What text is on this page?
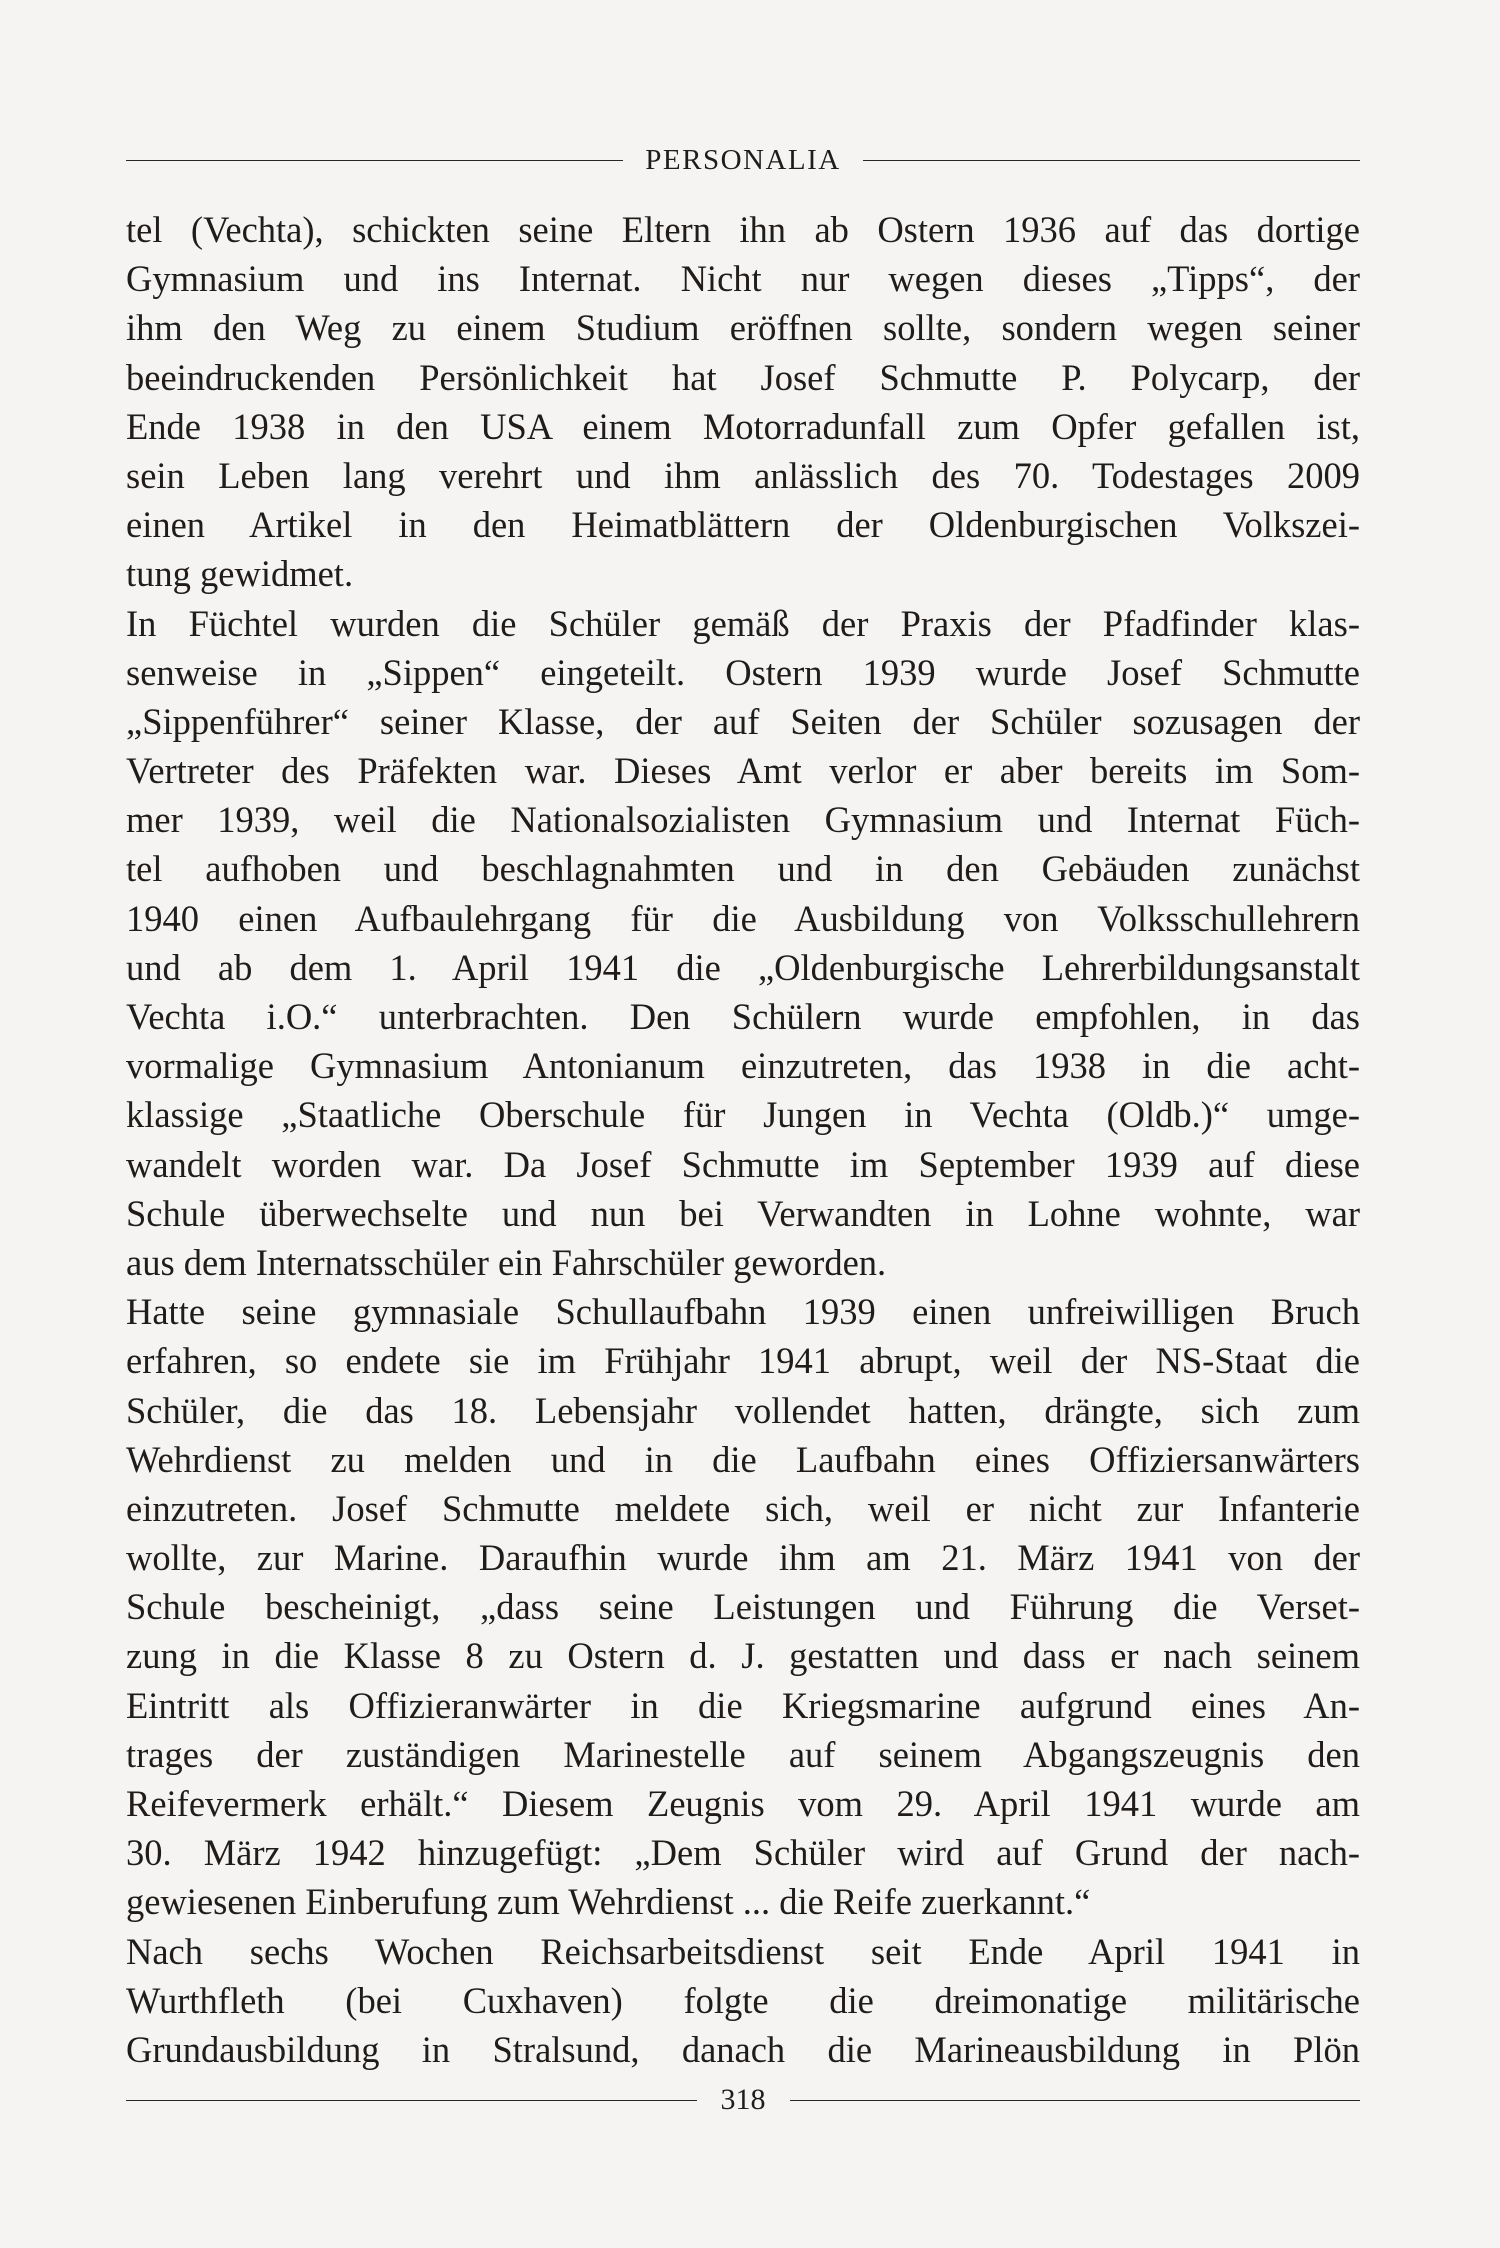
PERSONALIA
tel (Vechta), schickten seine Eltern ihn ab Ostern 1936 auf das dortige
Gymnasium und ins Internat. Nicht nur wegen dieses „Tipps“, der
ihm den Weg zu einem Studium eröffnen sollte, sondern wegen seiner
beeindruckenden Persönlichkeit hat Josef Schmutte P. Polycarp, der
Ende 1938 in den USA einem Motorradunfall zum Opfer gefallen ist,
sein Leben lang verehrt und ihm anlässlich des 70. Todestages 2009
einen Artikel in den Heimatblättern der Oldenburgischen Volkszei-
tung gewidmet.
In Füchtel wurden die Schüler gemäß der Praxis der Pfadfinder klas-
senweise in „Sippen“ eingeteilt. Ostern 1939 wurde Josef Schmutte
„Sippenführer“ seiner Klasse, der auf Seiten der Schüler sozusagen der
Vertreter des Präfekten war. Dieses Amt verlor er aber bereits im Som-
mer 1939, weil die Nationalsozialisten Gymnasium und Internat Füch-
tel aufhoben und beschlagnahmten und in den Gebäuden zunächst
1940 einen Aufbaulehrgang für die Ausbildung von Volksschullehrern
und ab dem 1. April 1941 die „Oldenburgische Lehrerbildungsanstalt
Vechta i.O.“ unterbrachten. Den Schülern wurde empfohlen, in das
vormalige Gymnasium Antonianum einzutreten, das 1938 in die acht-
klassige „Staatliche Oberschule für Jungen in Vechta (Oldb.)“ umge-
wandelt worden war. Da Josef Schmutte im September 1939 auf diese
Schule überwechselte und nun bei Verwandten in Lohne wohnte, war
aus dem Internatsschüler ein Fahrschüler geworden.
Hatte seine gymnasiale Schullaufbahn 1939 einen unfreiwilligen Bruch
erfahren, so endete sie im Frühjahr 1941 abrupt, weil der NS-Staat die
Schüler, die das 18. Lebensjahr vollendet hatten, drängte, sich zum
Wehrdienst zu melden und in die Laufbahn eines Offiziersanwärters
einzutreten. Josef Schmutte meldete sich, weil er nicht zur Infanterie
wollte, zur Marine. Daraufhin wurde ihm am 21. März 1941 von der
Schule bescheinigt, „dass seine Leistungen und Führung die Verset-
zung in die Klasse 8 zu Ostern d. J. gestatten und dass er nach seinem
Eintritt als Offizieranwärter in die Kriegsmarine aufgrund eines An-
trages der zuständigen Marinestelle auf seinem Abgangszeugnis den
Reifevermerk erhält.“ Diesem Zeugnis vom 29. April 1941 wurde am
30. März 1942 hinzugefügt: „Dem Schüler wird auf Grund der nach-
gewiesenen Einberufung zum Wehrdienst ... die Reife zuerkannt.“
Nach sechs Wochen Reichsarbeitsdienst seit Ende April 1941 in
Wurthfleth (bei Cuxhaven) folgte die dreimonatige militärische
Grundausbildung in Stralsund, danach die Marineausbildung in Plön
318
